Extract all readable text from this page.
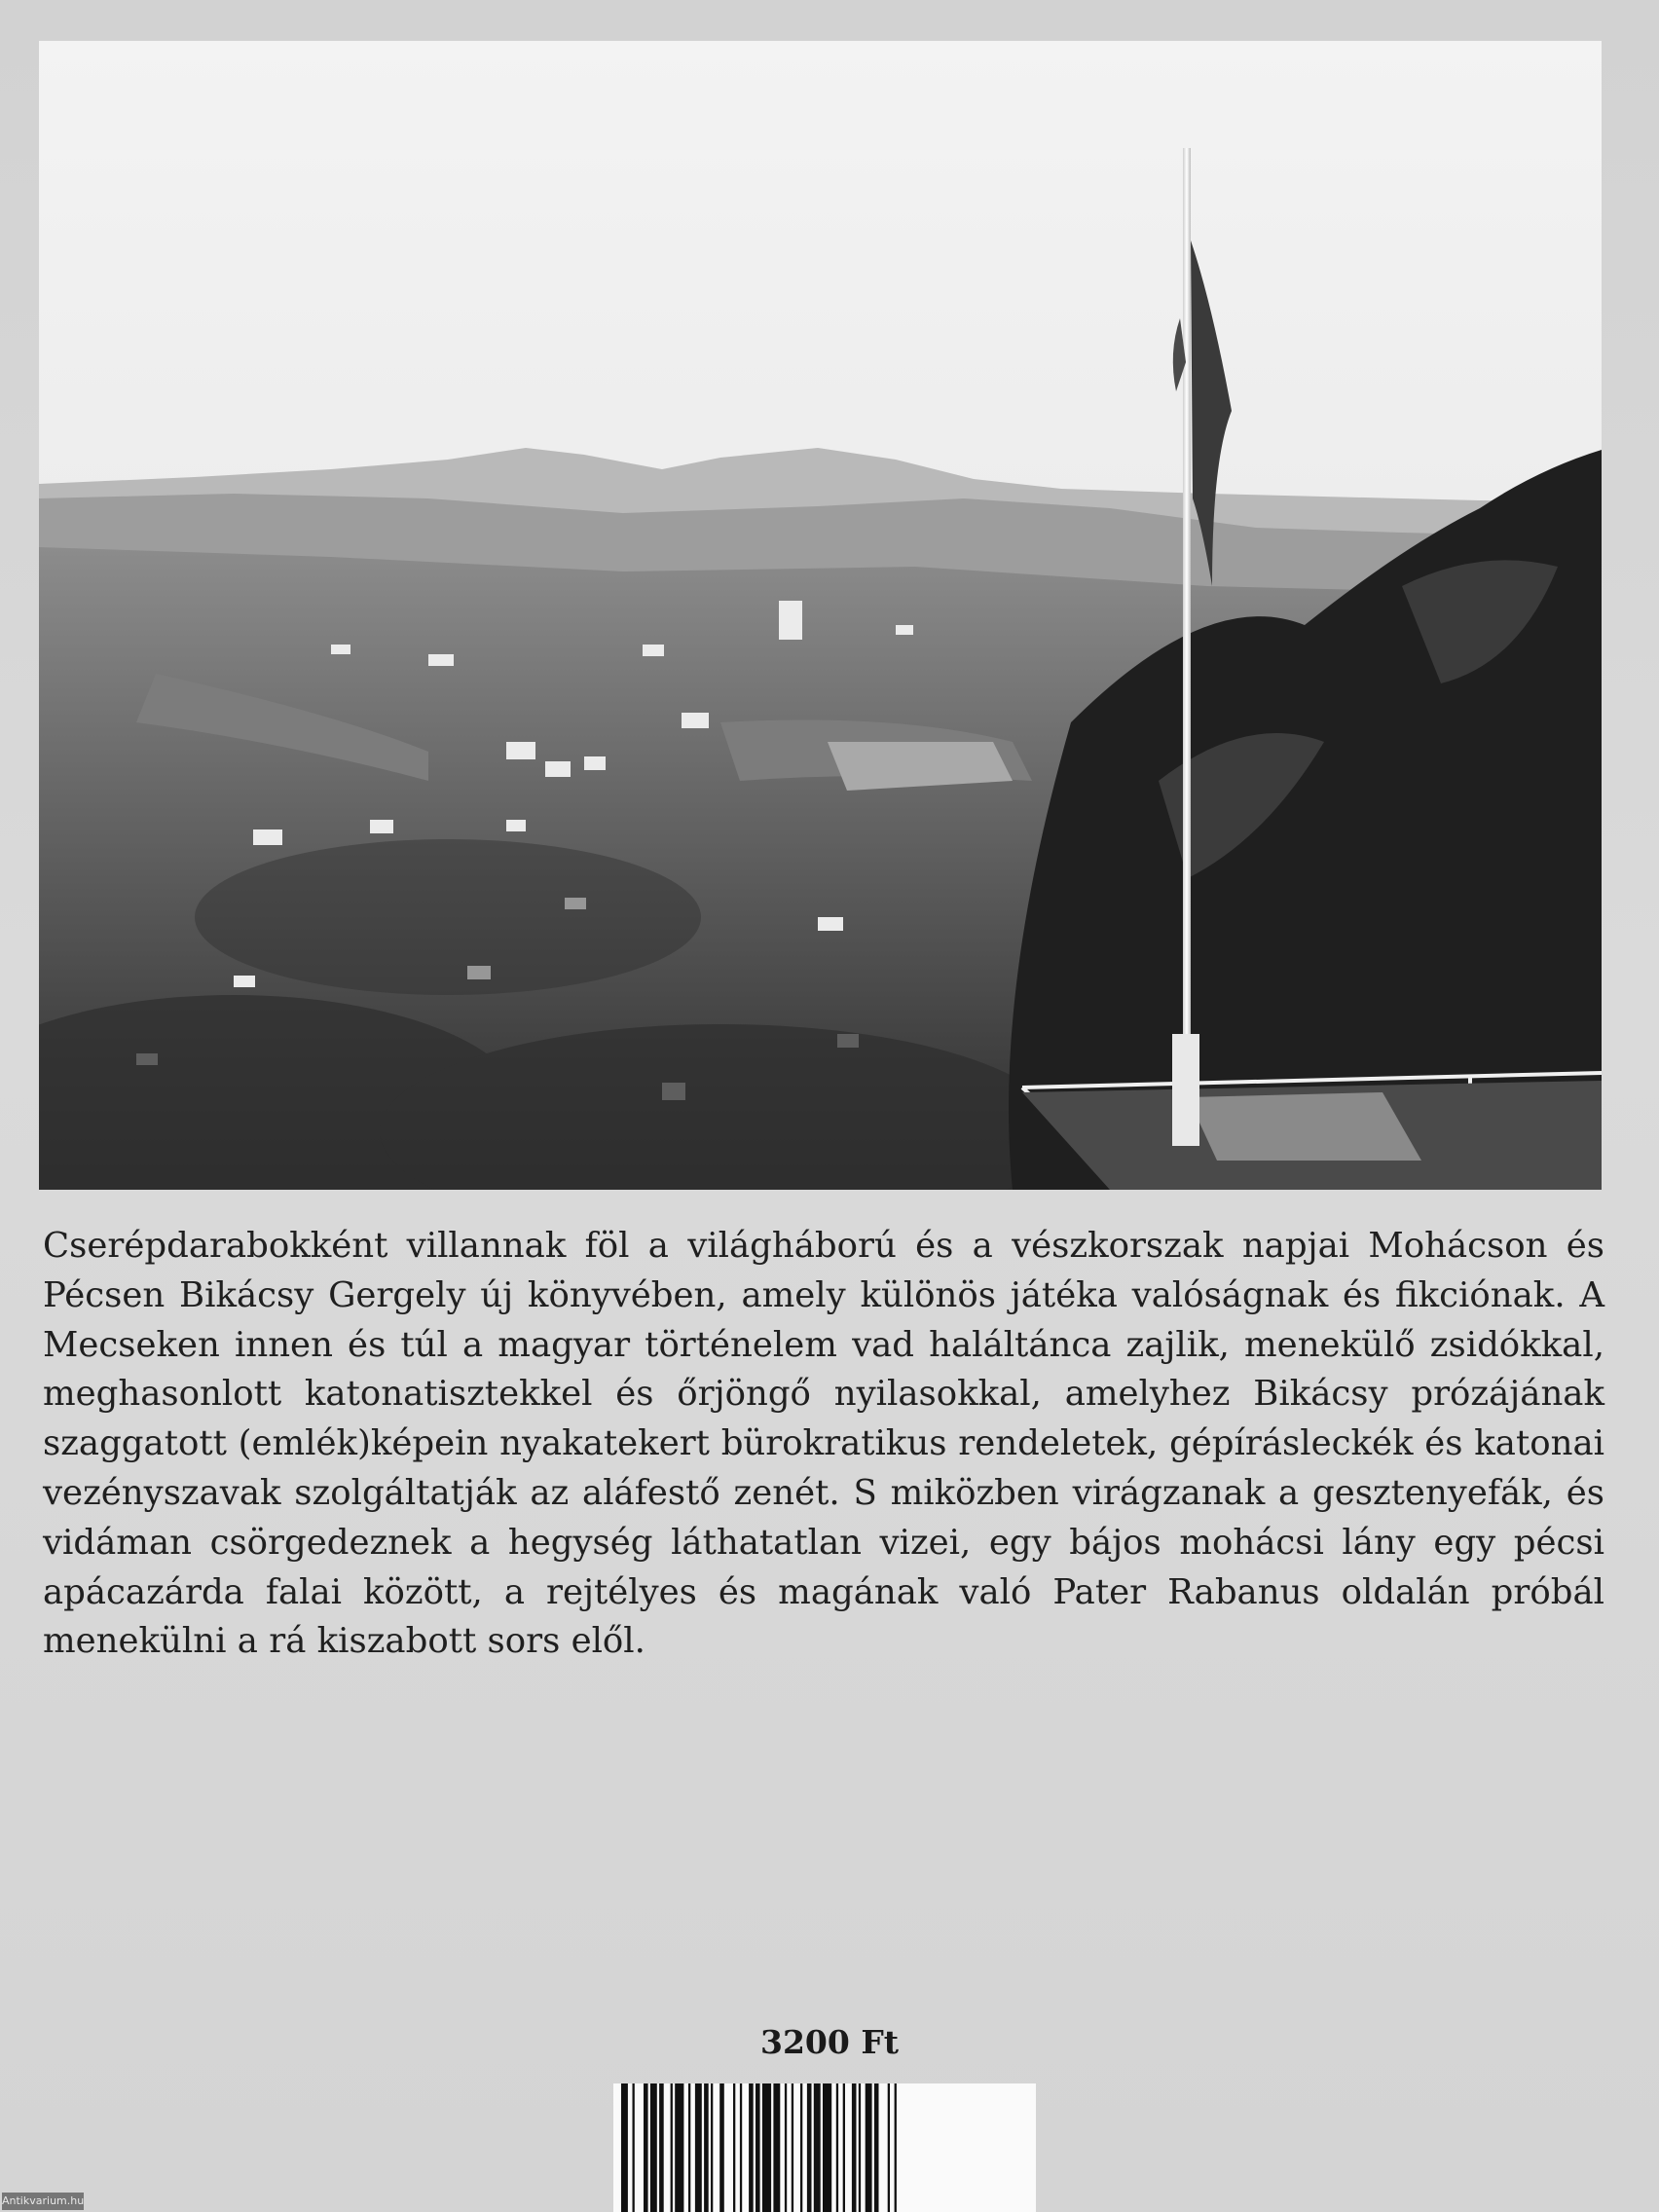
Cserépdarabokként villannak föl a világháború és a vészkorszak napjai Mohácson és Pécsen Bikácsy Gergely új könyvében, amely különös játéka valóságnak és fikciónak. A Mecseken innen és túl a magyar történelem vad haláltánca zajlik, menekülő zsidókkal, meghasonlott katonatisztekkel és őrjöngő nyilasokkal, amelyhez Bikácsy prózájának szaggatott (emlék)képein nyakatekert bürokratikus rendeletek, gépírásleckék és katonai vezényszavak szolgáltatják az aláfestő zenét. S miközben virágzanak a gesztenyefák, és vidáman csörgedeznek a hegység láthatatlan vizei, egy bájos mohácsi lány egy pécsi apácazárda falai között, a rejtélyes és magának való Pater Rabanus oldalán próbál menekülni a rá kiszabott sors elől.

3200 Ft
Antikvarium.hu
